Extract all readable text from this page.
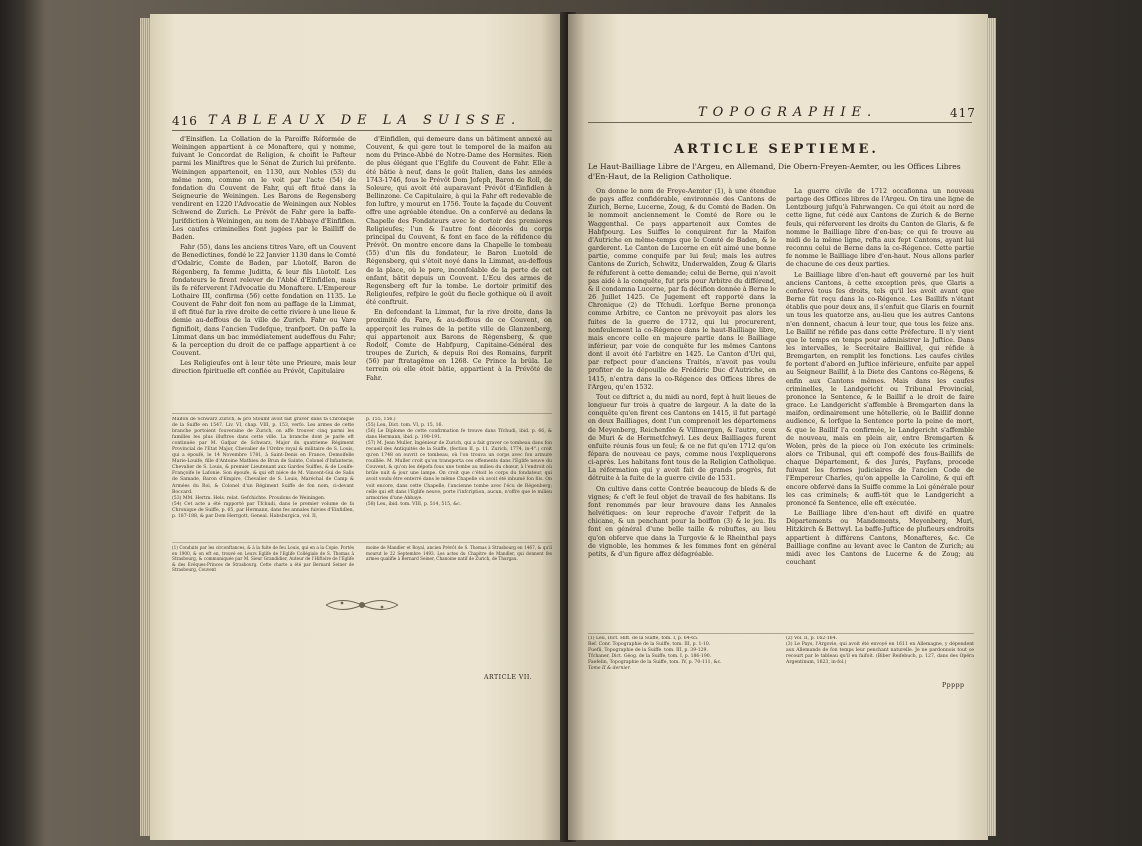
416 TABLEAUX DE LA SUISSE.

d'Einsiflen. La Collation de la Paroiffe Réformée de Weiningen appartient à ce Monaftere, qui y nomme, fuivant le Concordat de Religion, & choifit le Pafteur parmi les Miniftres que le Sénat de Zurich lui préfente. Weiningen appartenoit, en 1130, aux Nobles (53) du même nom, comme on le voit par l'acte (54) de fondation du Couvent de Fahr, qui eft fitué dans la Seigneurie de Weiningen. Les Barons de Regensberg vendirent en 1220 l'Advocatie de Weiningen aux Nobles Schwend de Zurich. Le Prévôt de Fahr gere la baffe-Jurifdiction à Weiningen, au nom de l'Abbaye d'Einfiflen. Les caufes criminelles font jugées par le Bailliff de Baden.

Fahr (55), dans les anciens titres Vare, eft un Couvent de Benedictines, fondé le 22 Janvier 1130 dans le Comté d'Odalric, Comte de Baden, par Lüotolf, Baron de Régenberg, fa femme Juditta, & leur fils Lüotolf. Les fondateurs le firent relever de l'Abbé d'Einfidlen, mais ils fe réferverent l'Advocatie du Monaftere. L'Empereur Lothaire III, confirma (56) cette fondation en 1135. Le Couvent de Fahr doit fon nom au paffage de la Limmat, il eft fitué fur la rive droite de cette riviere à une lieue & demie au-deffous de la ville de Zurich. Fahr ou Vare fignifioit, dans l'ancien Tudefque, tranfport. On paffe la Limmat dans un bac immédiatement audeffous du Fahr; & la perception du droit de ce paffage appartient à ce Couvent.

Les Religieufes ont à leur tête une Prieure, mais leur direction fpirituelle eft confiée au Prévôt, Capitulaire

d'Einfidlen, qui demeure dans un bâtiment annexé au Couvent, & qui gere tout le temporel de la maifon au nom du Prince-Abbé de Notre-Dame des Hermites. Rien de plus élégant que l'Eglife du Couvent de Fahr. Elle a été bâtie à neuf, dans le goût Italien, dans les années 1743-1746, fous le Prévôt Dom Jofeph, Baron de Roll, de Soleure, qui avoit été auparavant Prévôt d'Einfidlen à Bellinzone. Ce Capitulaire, à qui la Fahr eft redevable de fon luftre, y mourut en 1756. Toute la façade du Couvent offre une agréable étendue. On a confervé au dedans la Chapelle des Fondateurs avec le dortoir des premieres Religieufes; l'un & l'autre font décorés du corps principal du Couvent, & font en face de la réfidence du Prévôt. On montre encore dans la Chapelle le tombeau (55) d'un fils du fondateur, le Baron Luotold de Régensberg, qui s'étoit noyé dans la Limmat, au-deffous de la place, où le pere, inconfolable de la perte de cet enfant, bâtit depuis un Couvent. L'Ecu des armes de Regensberg eft fur la tombe. Le dortoir primitif des Religieufes, refpire le goût du fiecle gothique où il avoit été conftruit.

En defcendant la Limmat, fur la rive droite, dans la proximité du Fare, & au-deffous de ce Couvent, on apperçoit les ruines de la petite ville de Glanzenberg, qui appartenoit aux Barons de Régensberg, & que Rodolf, Comte de Habfpurg, Capitaine-Général des troupes de Zurich, & depuis Roi des Romains, furprit (56) par ftratagême en 1268. Ce Prince la brûla. Le terrein où elle étoit bâtie, appartient à la Prévôté de Fahr.

Maifon de Schwarz Zurich, & pro Stoumf avoit fait graver dans fa Chronique de la Suiffe en 1547. Liv. VI, chap. VIII, p. 153, verfo. Les armes de cette branche portoient fouveraine de Zurich, on affe trouver cinq parmi les familles les plus illuftres dans cette ville. La branche dont je parle eft continuée par M. Gafpar de Schwarz, Major du quatrieme Régiment Provincial de l'Etat Major, Chevalier de l'Ordre royal & militaire de S. Louis, qui a époufé, le 14 Novembre 1781, à Saint-Denis en France, Demoifelle Marie-Louife, fille d'Antoine Mathieu de Brun de Sainte, Colonel d'Infanterie, Chevalier de S. Louis, & premier Lieutenant aux Gardes Suiffes, & de Louife-Françoife le Lafonie. Son époufe, & qui eft niéce de M. Vincent-Gui de Salis de Samade, Baron d'Empire, Chevalier de S. Louis, Maréchal de Camp & Armées du Roi, & Colonel d'un Régiment Suiffe de fon nom, ci-devant Boccard.

(53) MM. Hertm. Hels. relat. Gefchichte. Proudons de Weiningen.

(54) Cet acte a été rapporté par Tfchudi, dans le premier volume de fa Chronique de Suiffe, p. 65, par Hermann, dans fes annales fuivies d'Einfidlen, p. 187-188, & par Dom Herrgott, Geneal. Habsburgica, vol. II,

p. 155, 156.)

(55) Leu, Dict. tom. VI, p. 15, 16.

(56) Le Diplome de cette confirmation fe trouve dans Tfchudi, ibid. p. 66, & dans Hermann, ibid. p. 190-191.

(57) M. Jean Muller, Ingénieur de Zurich, qui a fait graver ce tombeau dans fon recueil des Antiquités de la Suiffe, (fection II, p. 11. Zurich, 1774, in-4°.) croit qu'en 1748 on ouvrit ce tombeau, où l'on trouva un corps avec fon armure rouillée. M. Muller croit qu'on transporta ces offements dans l'Eglife neuve du Couvent, & qu'on les dépofa fous une tombe au milieu du chœur, à l'endroit où brûle nuit & jour une lampe. On croit que c'étoit le corps du fondateur, qui avoit voulu être enterré dans le même Chapelle où avoit été inhumé fon fils. On voit encore, dans cette Chapelle, l'ancienne tombe avec l'écu de Régenberg; celle qui eft dans l'Eglife neuve, porte l'infcription, aucun, n'offre que le milieu armoiries d'une Abbaye.

(58) Leu, ibid. tom. VIII, p. 514, 515, &c.

(1) Conduits par les circonftances, & à la fuite de feu Louis, qui en a la Copie. Portés en 1900, & on eft en, trouvé en Leurs Eglife de l'Eglife Collégiale de S. Thomas à Strasbourg, & communiquée par M. Sieur Grandidier, Auteur de l'Hiftoire de l'Eglife & des Evêques-Princes de Strasbourg. Cette charte a été par Bernard Seiner de Strasbourg, Couvent
moine de Mandler et Royal, ancien Prévôt de S. Thomas à Strasbourg en 1467, & qu'il mourut le 22 Septembre 1493. Les actes du Chapitre de Mandler, qui donnent fes armes qualifie à Bernard Seiner, Chanoine natif de Zurich, de Thurgau.
ARTICLE VII.
TOPOGRAPHIE.	417
ARTICLE SEPTIEME.
Le Haut-Bailliage Libre de l'Argeu, en Allemand, Die Obern-Freyen-Aemter, ou les Offices Libres d'En-Haut, de la Religion Catholique.

On donne le nom de Freye-Aemter (1), à une étendue de pays affez confidérable, environnée des Cantons de Zurich, Berne, Lucerne, Zoug, & du Comté de Baden. On le nommoit anciennement le Comté de Rore ou le Waggenthal. Ce pays appartenoit aux Comtes de Habfpourg. Les Suiffes le conquirent fur la Maifon d'Autriche en même-temps que le Comté de Baden, & le garderent. Le Canton de Lucerne en eût aimé une bonne partie, comme conquife par lui feul; mais les autres Cantons de Zurich, Schwitz, Underwalden, Zoug & Glaris fe réfuferent à cette demande; celui de Berne, qui n'avoit pas aidé à la conquête, fut pris pour Arbitre du différend, & il condamna Lucerne, par fa décifion donnée à Berne le 26 Juillet 1425. Ce Jugement eft rapporté dans la Chronique (2) de Tfchudi. Lorfque Berne prononça comme Arbitre, ce Canton ne prévoyoit pas alors les fuites de la guerre de 1712, qui lui procurerent, nonfeulement la co-Régence dans le haut-Bailliage libre, mais encore celle en majeure partie dans le Bailliage inférieur, par voie de conquête fur les mêmes Cantons dont il avoit été l'arbitre en 1425. Le Canton d'Uri qui, par refpect pour d'anciens Traités, n'avoit pas voulu profiter de la dépouille de Frédéric Duc d'Autriche, en 1415, n'entra dans la co-Régence des Offices libres de l'Argeu, qu'en 1532.

Tout ce diftrict a, du midi au nord, fept à huit lieues de longueur fur trois à quatre de largeur. A la date de la conquête qu'en firent ces Cantons en 1415, il fut partagé en deux Bailliages, dont l'un comprenoit les départemens de Meyenberg, Reichenfée & Villmergen, & l'autre, ceux de Muri & de Hermetfchwyl. Les deux Bailliages furent enfuite réunis fous un feul; & ce ne fut qu'en 1712 qu'on fépara de nouveau ce pays, comme nous l'expliquerons ci-après. Les habitans font tous de la Religion Catholique. La réformation qui y avoit fait de grands progrès, fut détruite à la fuite de la guerre civile de 1531.

On cultive dans cette Contrée beaucoup de bleds & de vignes; & c'eft le feul objet de travail de fes habitans. Ils font renommés par leur bravoure dans les Annales helvétiques: on leur reproche d'avoir l'efprit de la chicane, & un penchant pour la boiffon (3) & le jeu. Ils font en général d'une belle taille & robuftes, au lieu qu'on obferve que dans la Turgovie & le Rheinthal pays de vignoble, les hommes & les femmes font en général petits, & d'un figure affez défagréable.

La guerre civile de 1712 occafionna un nouveau partage des Offices libres de l'Argeu. On tira une ligne de Lentzbourg jufqu'à Fahrwangen. Ce qui étoit au nord de cette ligne, fut cédé aux Cantons de Zurich & de Berne feuls, qui réferverent les droits du Canton de Glaris, & fe nomme le Bailliage libre d'en-bas; ce qui fe trouve au midi de la même ligne, refta aux fept Cantons, ayant lui reconnu celui de Berne dans la co-Régence. Cette partie fe nomme le Bailliage libre d'en-haut. Nous allons parler de chacune de ces deux parties.

Le Bailliage libre d'en-haut eft gouverné par les huit anciens Cantons, à cette exception près, que Glaris a confervé tous fes droits, tels qu'il les avoit avant que Berne fût reçu dans la co-Régence. Les Baillifs n'étant établis que pour deux ans, il s'enfuit que Glaris en fournit un tous les quatorze ans, au-lieu que les autres Cantons n'en donnent, chacun à leur tour, que tous les feize ans. Le Baillif ne réfide pas dans cette Préfecture. Il n'y vient que le temps en temps pour administrer la Juftice. Dans les intervalles, le Secrétaire Baillival, qui réfide à Bremgarten, en remplit les fonctions. Les caufes civiles fe portent d'abord en Juftice inférieure, enfuite par appel au Seigneur Baillif, à la Diete des Cantons co-Régens, & enfin aux Cantons mêmes. Mais dans les caufes criminelles, le Landgericht ou Tribunal Provincial, prononce la Sentence, & le Baillif a le droit de faire grace. Le Landgericht s'affemble à Bremgarten dans la maifon, ordinairement une hôtellerie, où le Baillif donne audience, & lorfque la Sentence porte la peine de mort, & que le Baillif l'a confirmée, le Landgericht s'affemble de nouveau, mais en plein air, entre Bremgarten & Wolen, près de la piece où l'on exécute les criminels: alors ce Tribunal, qui eft compofé des fous-Baillifs de chaque Département, & des Jurés, Payfans, procede fuivant les formes judiciaires de l'ancien Code de l'Empereur Charles, qu'on appelle la Caroline, & qui eft encore obfervé dans la Suiffe comme la Loi générale pour les cas criminels; & auffi-tôt que le Landgericht a prononcé fa Sentence, elle eft exécutée.

Le Bailliage libre d'en-haut eft divifé en quatre Départements ou Mandements, Meyenberg, Muri, Hitzkirch & Bettwyl. La baffe-Juftice de plufieurs endroits appartient à différens Cantons, Monafteres, &c. Ce Bailliage confine au levant avec le Canton de Zurich; au midi avec les Cantons de Lucerne & de Zoug; au couchant

(1) Leu, Dict. Hift. de la Suiffe, tom. I, p. 64-65.

Ref. Conr. Topographie de la Suiffe, tom. III, p. 1-10.

Fuefli, Topographie de la Suiffe. tom. III, p. 39-129.

Tfchaner, Dict. Géog. de la Suiffe, tom. I, p. 186-190.

Faefelin, Topographie de la Suiffe, tom. IV, p. 70-111, &c.

Tome II & dernier.

(2) Vol. II, p. 162-164.

(3) Le Pays, l'Argovie, qui avoit été envoyé en 1611 en Allemagne, y dépendent aux Allemands de fon temps leur penchant naturelle. Je ne pardonnois tout ce recourt par le tableau qu'il en faifoit. (Biber Reifebuch, p. 127, dans des Opéra Argentinum, 1623, in-fol.)

Ppppp
